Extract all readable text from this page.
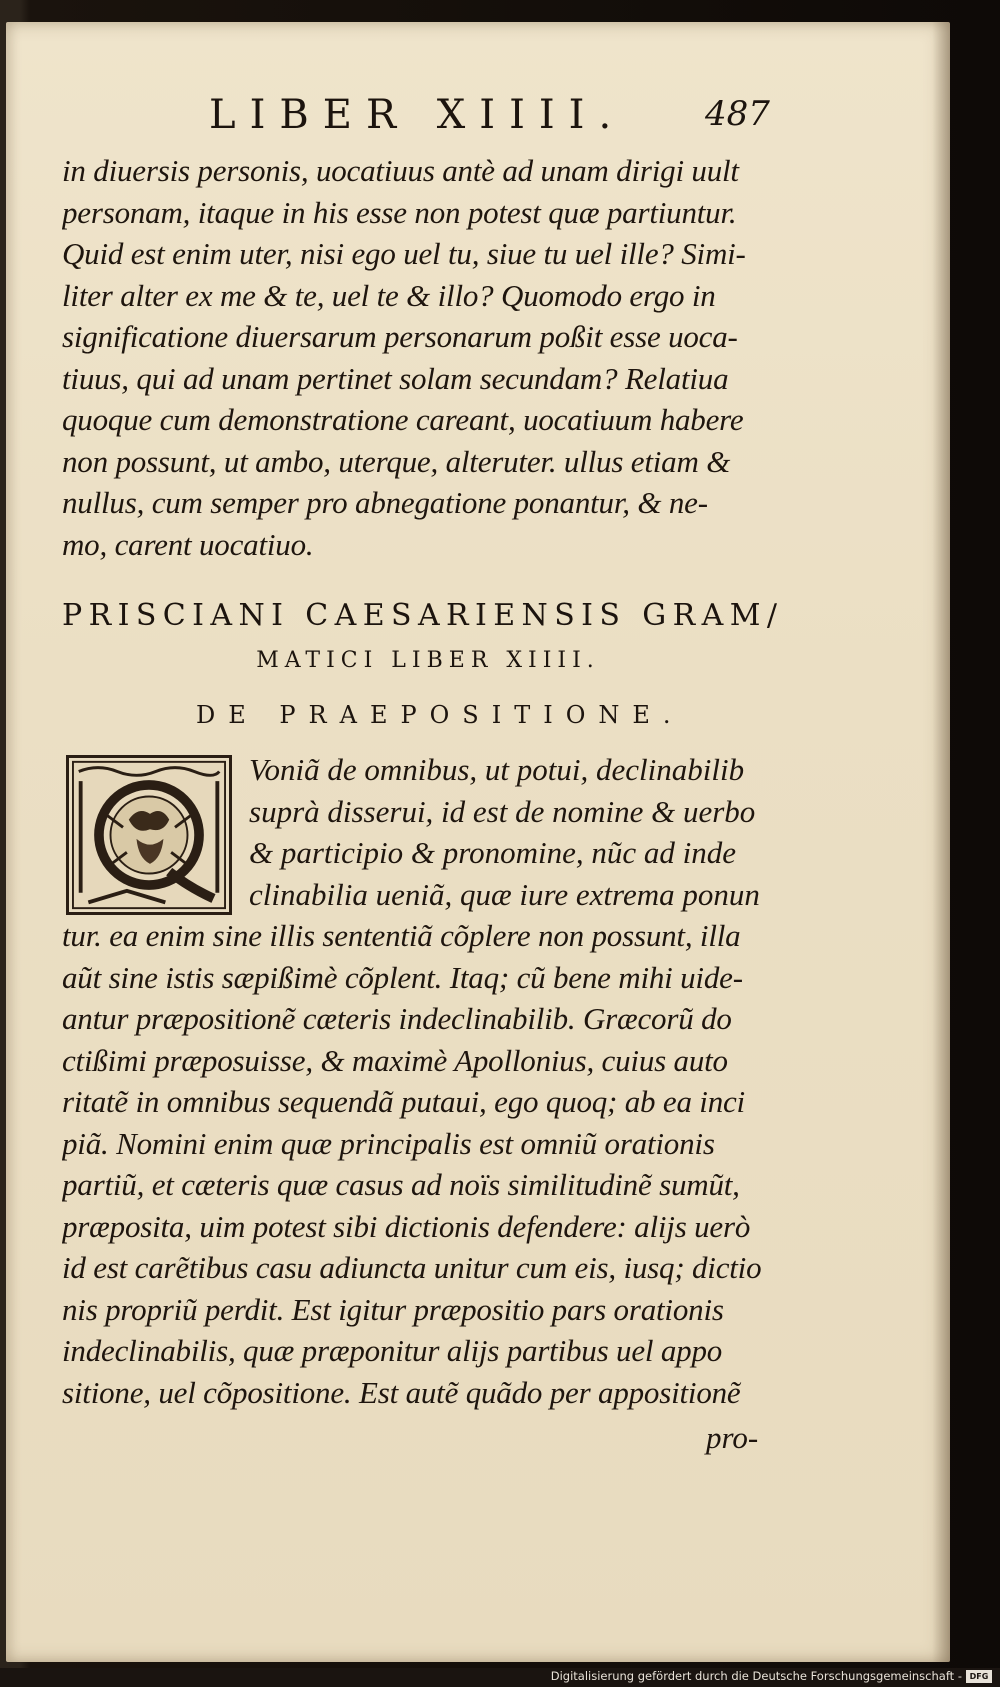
LIBER XIIII. 487
in diuersis personis, uocatiuus antè ad unam dirigi uult
personam, itaque in his esse non potest quæ partiuntur.
Quid est enim uter, nisi ego uel tu, siue tu uel ille? Simi-
liter alter ex me & te, uel te & illo? Quomodo ergo in
significatione diuersarum personarum poßit esse uoca-
tiuus, qui ad unam pertinet solam secundam? Relatiua
quoque cum demonstratione careant, uocatiuum habere
non possunt, ut ambo, uterque, alteruter. ullus etiam &
nullus, cum semper pro abnegatione ponantur, & ne-
mo, carent uocatiuo.
PRISCIANI CAESARIENSIS GRAM/
MATICI LIBER XIIII.
DE PRAEPOSITIONE.
Voniã de omnibus, ut potui, declinabilib
suprà disserui, id est de nomine & uerbo
& participio & pronomine, nũc ad inde
clinabilia ueniã, quæ iure extrema ponun
tur. ea enim sine illis sententiã cõplere non possunt, illa
aũt sine istis sæpißimè cõplent. Itaq; cũ bene mihi uide-
antur præpositionẽ cæteris indeclinabilib. Græcorũ do
ctißimi præposuisse, & maximè Apollonius, cuius auto
ritatẽ in omnibus sequendã putaui, ego quoq; ab ea inci
piã. Nomini enim quæ principalis est omniũ orationis
partiũ, et cæteris quæ casus ad noïs similitudinẽ sumũt,
præposita, uim potest sibi dictionis defendere: alijs uerò
id est carẽtibus casu adiuncta unitur cum eis, iusq; dictio
nis propriũ perdit. Est igitur præpositio pars orationis
indeclinabilis, quæ præponitur alijs partibus uel appo
sitione, uel cõpositione. Est autẽ quãdo per appositionẽ
pro-
Digitalisierung gefördert durch die Deutsche Forschungsgemeinschaft - DFG
